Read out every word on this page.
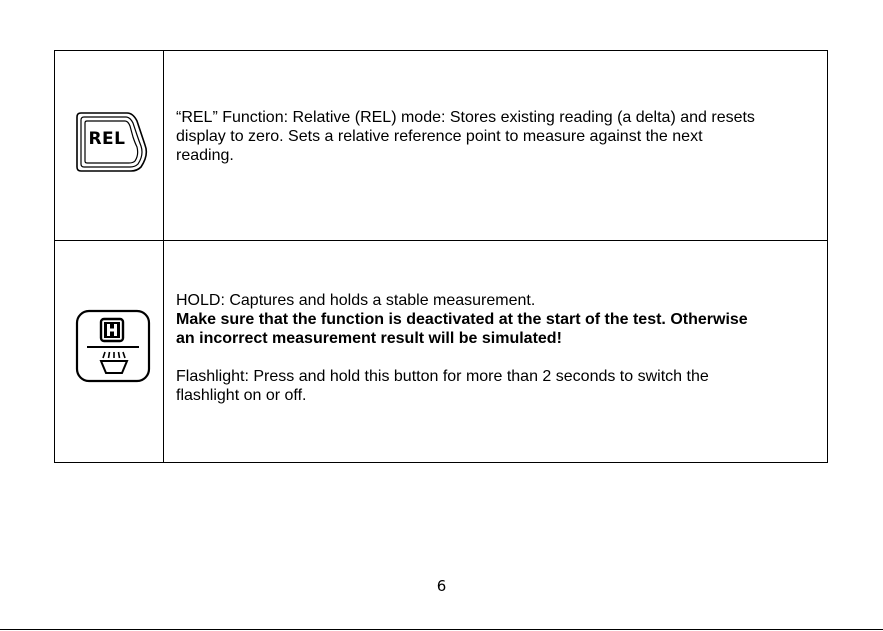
REL

“REL” Function: Relative (REL) mode: Stores existing reading (a delta) and resets

display to zero. Sets a relative reference point to measure against the next

reading.

HOLD: Captures and holds a stable measurement.

Make sure that the function is deactivated at the start of the test. Otherwise

an incorrect measurement result will be simulated!

Flashlight: Press and hold this button for more than 2 seconds to switch the

flashlight on or off.

6
